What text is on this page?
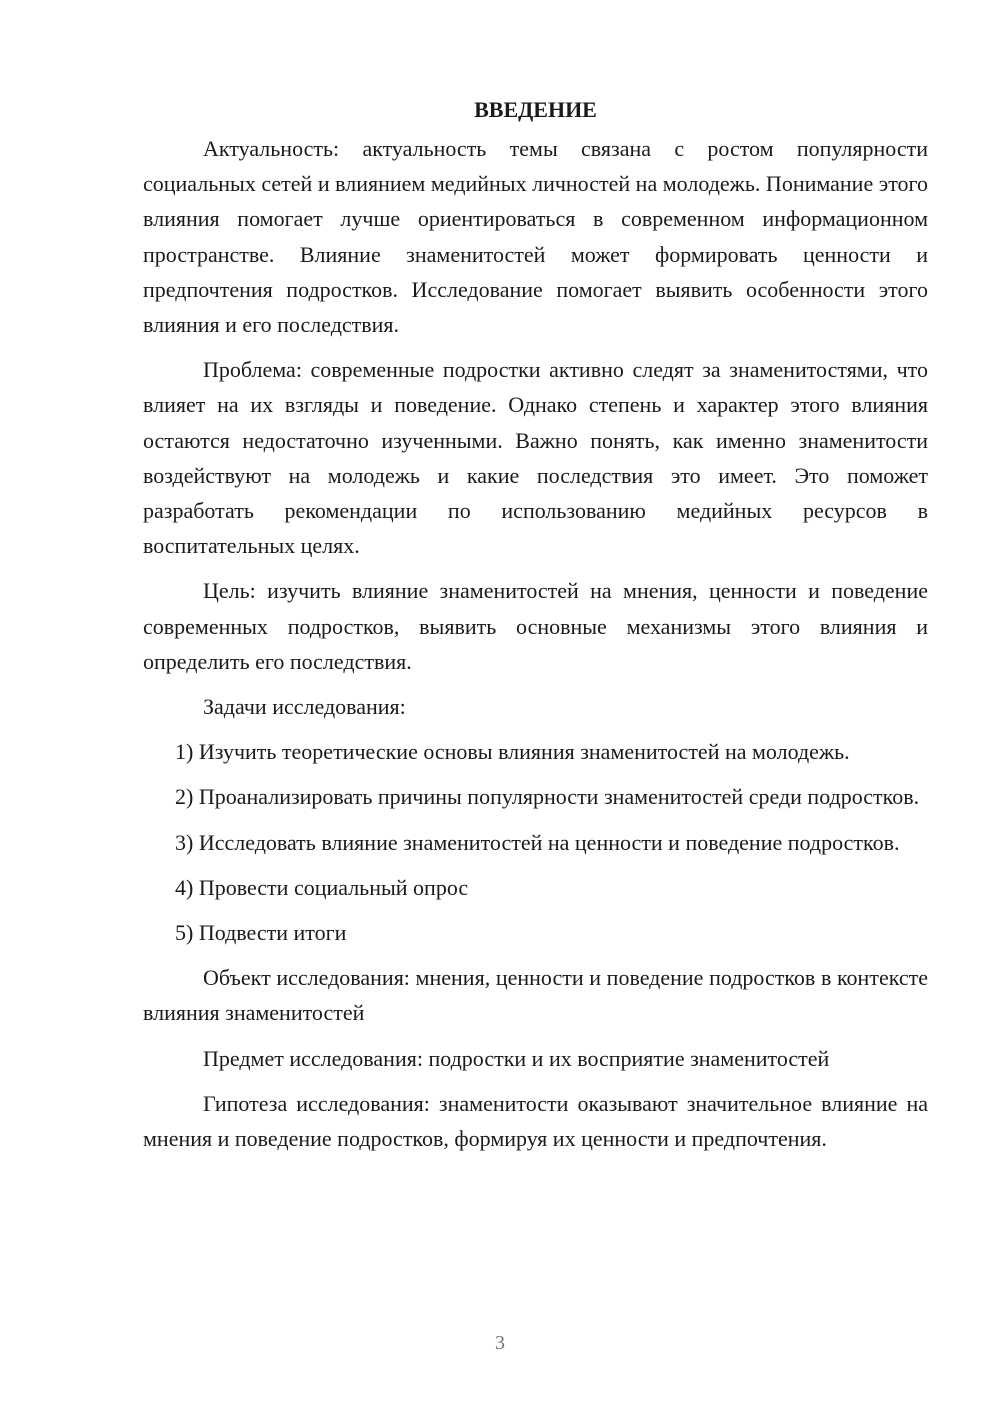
ВВЕДЕНИЕ

Актуальность: актуальность темы связана с ростом популярности социальных сетей и влиянием медийных личностей на молодежь. Понимание этого влияния помогает лучше ориентироваться в современном информационном пространстве. Влияние знаменитостей может формировать ценности и предпочтения подростков. Исследование помогает выявить особенности этого влияния и его последствия.

Проблема: современные подростки активно следят за знаменитостями, что влияет на их взгляды и поведение. Однако степень и характер этого влияния остаются недостаточно изученными. Важно понять, как именно знаменитости воздействуют на молодежь и какие последствия это имеет. Это поможет разработать рекомендации по использованию медийных ресурсов в воспитательных целях.

Цель: изучить влияние знаменитостей на мнения, ценности и поведение современных подростков, выявить основные механизмы этого влияния и определить его последствия.

Задачи исследования:

1) Изучить теоретические основы влияния знаменитостей на молодежь.

2) Проанализировать причины популярности знаменитостей среди подростков.

3) Исследовать влияние знаменитостей на ценности и поведение подростков.

4) Провести социальный опрос

5) Подвести итоги

Объект исследования: мнения, ценности и поведение подростков в контексте влияния знаменитостей

Предмет исследования: подростки и их восприятие знаменитостей

Гипотеза исследования: знаменитости оказывают значительное влияние на мнения и поведение подростков, формируя их ценности и предпочтения.

3
